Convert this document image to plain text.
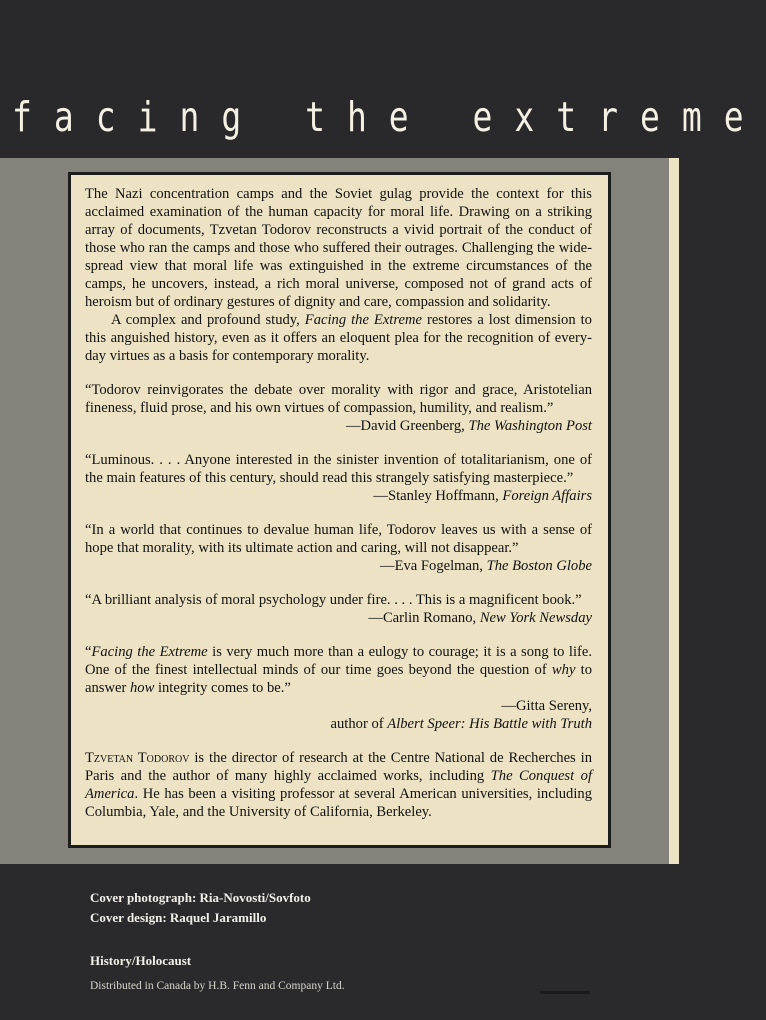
facing the extreme

The Nazi concentration camps and the Soviet gulag provide the context for this acclaimed examination of the human capacity for moral life. Drawing on a striking array of documents, Tzvetan Todorov reconstructs a vivid portrait of the conduct of those who ran the camps and those who suffered their outrages. Challenging the wide-spread view that moral life was extinguished in the extreme circumstances of the camps, he uncovers, instead, a rich moral universe, composed not of grand acts of heroism but of ordinary gestures of dignity and care, compassion and solidarity.

A complex and profound study, Facing the Extreme restores a lost dimension to this anguished history, even as it offers an eloquent plea for the recognition of every-day virtues as a basis for contemporary morality.

“Todorov reinvigorates the debate over morality with rigor and grace, Aristotelian fineness, fluid prose, and his own virtues of compassion, humility, and realism.”

—David Greenberg, The Washington Post

“Luminous. . . . Anyone interested in the sinister invention of totalitarianism, one of the main features of this century, should read this strangely satisfying masterpiece.”

—Stanley Hoffmann, Foreign Affairs

“In a world that continues to devalue human life, Todorov leaves us with a sense of hope that morality, with its ultimate action and caring, will not disappear.”

—Eva Fogelman, The Boston Globe

“A brilliant analysis of moral psychology under fire. . . . This is a magnificent book.”

—Carlin Romano, New York Newsday

“Facing the Extreme is very much more than a eulogy to courage; it is a song to life. One of the finest intellectual minds of our time goes beyond the question of why to answer how integrity comes to be.”

—Gitta Sereny,
author of Albert Speer: His Battle with Truth
Tzvetan Todorov is the director of research at the Centre National de Recherches in Paris and the author of many highly acclaimed works, including The Conquest of America. He has been a visiting professor at several American universities, including Columbia, Yale, and the University of California, Berkeley.
Cover photograph: Ria-Novosti/Sovfoto
Cover design: Raquel Jaramillo
History/Holocaust
Distributed in Canada by H.B. Fenn and Company Ltd.
